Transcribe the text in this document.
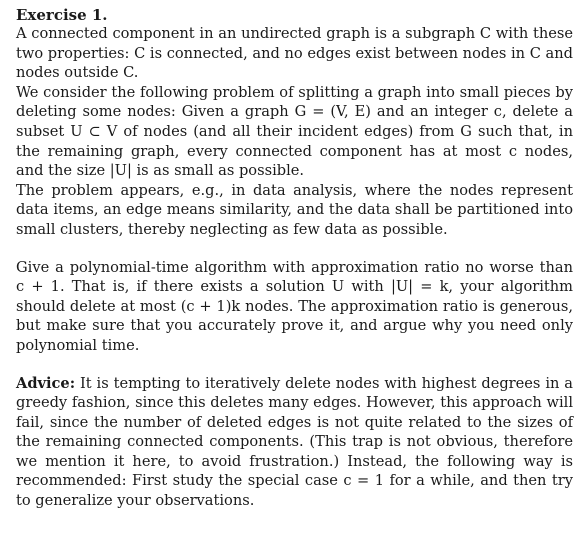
Exercise 1.

A connected component in an undirected graph is a subgraph C with these two properties: C is connected, and no edges exist between nodes in C and nodes outside C.

We consider the following problem of splitting a graph into small pieces by deleting some nodes: Given a graph G = (V, E) and an integer c, delete a subset U ⊂ V of nodes (and all their incident edges) from G such that, in the remaining graph, every connected component has at most c nodes, and the size |U| is as small as possible.

The problem appears, e.g., in data analysis, where the nodes represent data items, an edge means similarity, and the data shall be partitioned into small clusters, thereby neglecting as few data as possible.

Give a polynomial-time algorithm with approximation ratio no worse than c + 1. That is, if there exists a solution U with |U| = k, your algorithm should delete at most (c + 1)k nodes. The approximation ratio is generous, but make sure that you accurately prove it, and argue why you need only polynomial time.

Advice: It is tempting to iteratively delete nodes with highest degrees in a greedy fashion, since this deletes many edges. However, this approach will fail, since the number of deleted edges is not quite related to the sizes of the remaining connected components. (This trap is not obvious, therefore we mention it here, to avoid frustration.) Instead, the following way is recommended: First study the special case c = 1 for a while, and then try to generalize your observations.
